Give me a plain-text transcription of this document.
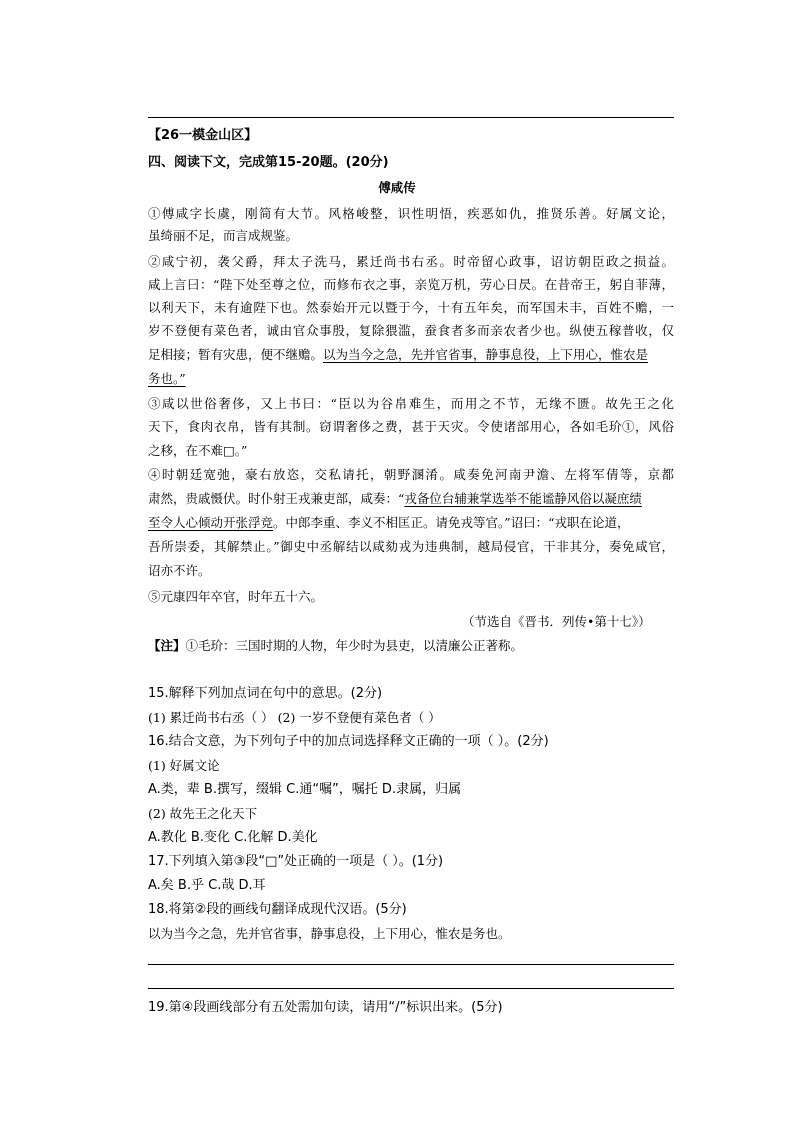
【26一模金山区】
四、阅读下文，完成第15-20题。(20分)
傅咸传
①傅咸字长虞，刚简有大节。风格峻整，识性明悟，疾恶如仇，推贤乐善。好属文论，
虽绮丽不足，而言成规鉴。
②咸宁初，袭父爵，拜太子洗马，累迁尚书右丞。时帝留心政事，诏访朝臣政之损益。
咸上言曰：“陛下处至尊之位，而修布衣之事，亲览万机，劳心日昃。在昔帝王，躬自菲薄，
以利天下，未有逾陛下也。然泰始开元以暨于今，十有五年矣，而军国未丰，百姓不赡，一
岁不登便有菜色者，诚由官众事殷，复除猥滥，蚕食者多而亲农者少也。纵使五稼普收，仅
足相接；暂有灾患，便不继赡。以为当今之急，先并官省事，静事息役，上下用心，惟农是
务也。”
③咸以世俗奢侈，又上书曰：“臣以为谷帛难生，而用之不节，无缘不匮。故先王之化
天下，食肉衣帛，皆有其制。窃谓奢侈之费，甚于天灾。令使诸部用心，各如毛玠①，风俗
之移，在不难□。”
④时朝廷宽弛，豪右放恣，交私请托，朝野溷淆。咸奏免河南尹澹、左将军倩等，京都
肃然，贵戚慑伏。时仆射王戎兼吏部，咸奏：“戎备位台辅兼掌选举不能谧静风俗以凝庶绩
至令人心倾动开张浮竞。中郎李重、李义不相匡正。请免戎等官。”诏曰：“戎职在论道，
吾所崇委，其解禁止。”御史中丞解结以咸劾戎为违典制，越局侵官，干非其分，奏免咸官，
诏亦不许。
⑤元康四年卒官，时年五十六。
（节选自《晋书．列传•第十七》）
【注】①毛玠：三国时期的人物，年少时为县吏，以清廉公正著称。
15.解释下列加点词在句中的意思。(2分)
(1) 累迁尚书右丞（ ） (2) 一岁不登便有菜色者（ ）
16.结合文意，为下列句子中的加点词选择释文正确的一项（ ）。(2分)
(1) 好属文论
A.类，辈 B.撰写，缀辑 C.通“嘱”，嘱托 D.隶属，归属
(2) 故先王之化天下
A.教化 B.变化 C.化解 D.美化
17.下列填入第③段“□”处正确的一项是（ ）。(1分)
A.矣 B.乎 C.哉 D.耳
18.将第②段的画线句翻译成现代汉语。(5分)
以为当今之急，先并官省事，静事息役，上下用心，惟农是务也。
19.第④段画线部分有五处需加句读，请用“/”标识出来。(5分)
